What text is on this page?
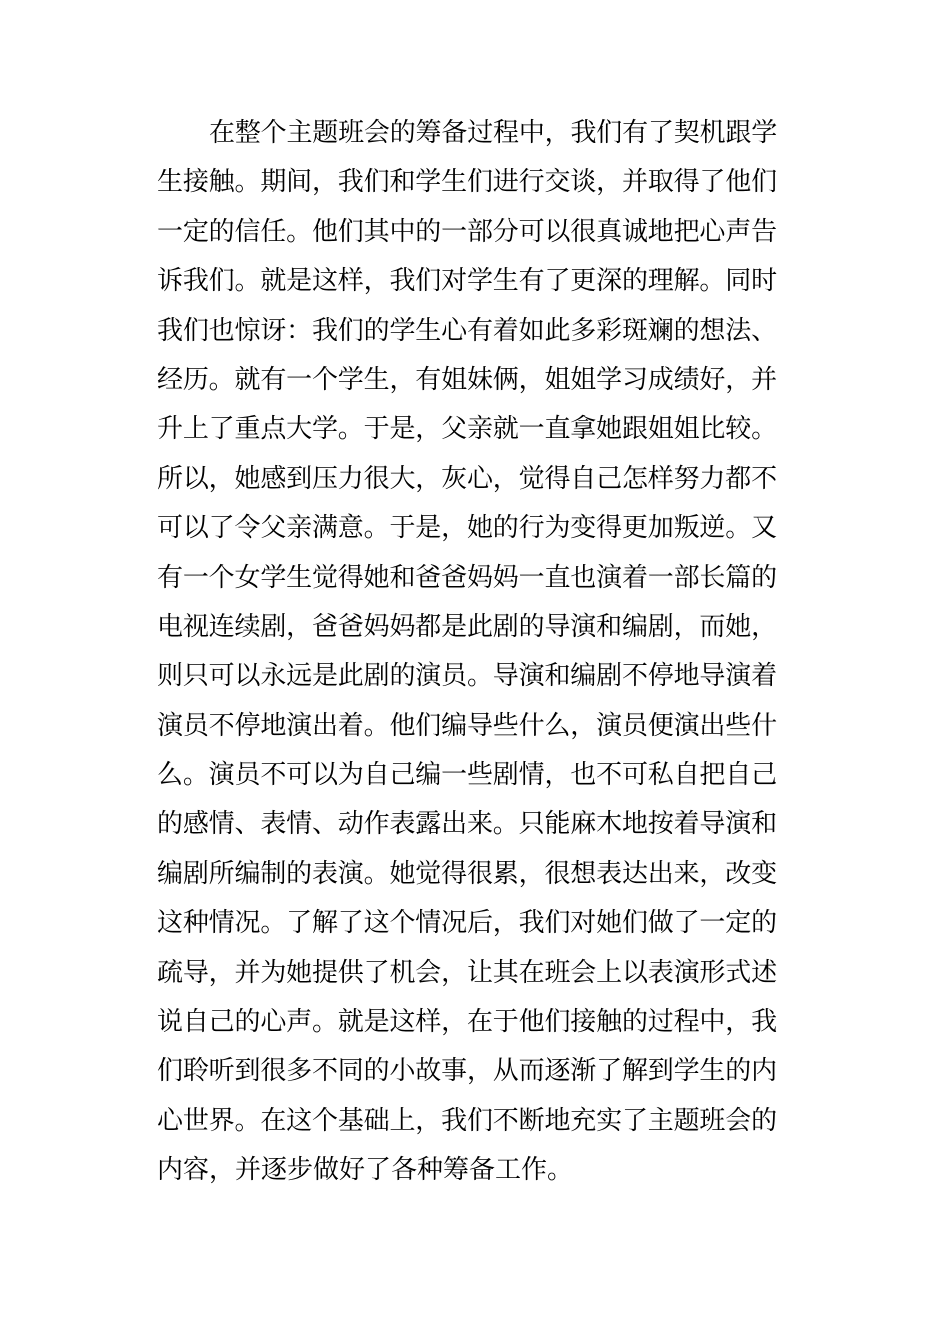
在整个主题班会的筹备过程中，我们有了契机跟学
生接触。期间，我们和学生们进行交谈，并取得了他们
一定的信任。他们其中的一部分可以很真诚地把心声告
诉我们。就是这样，我们对学生有了更深的理解。同时
我们也惊讶：我们的学生心有着如此多彩斑斓的想法、
经历。就有一个学生，有姐妹俩，姐姐学习成绩好，并
升上了重点大学。于是，父亲就一直拿她跟姐姐比较。
所以，她感到压力很大，灰心，觉得自己怎样努力都不
可以了令父亲满意。于是，她的行为变得更加叛逆。又
有一个女学生觉得她和爸爸妈妈一直也演着一部长篇的
电视连续剧，爸爸妈妈都是此剧的导演和编剧，而她，
则只可以永远是此剧的演员。导演和编剧不停地导演着
演员不停地演出着。他们编导些什么，演员便演出些什
么。演员不可以为自己编一些剧情，也不可私自把自己
的感情、表情、动作表露出来。只能麻木地按着导演和
编剧所编制的表演。她觉得很累，很想表达出来，改变
这种情况。了解了这个情况后，我们对她们做了一定的
疏导，并为她提供了机会，让其在班会上以表演形式述
说自己的心声。就是这样，在于他们接触的过程中，我
们聆听到很多不同的小故事，从而逐渐了解到学生的内
心世界。在这个基础上，我们不断地充实了主题班会的
内容，并逐步做好了各种筹备工作。
